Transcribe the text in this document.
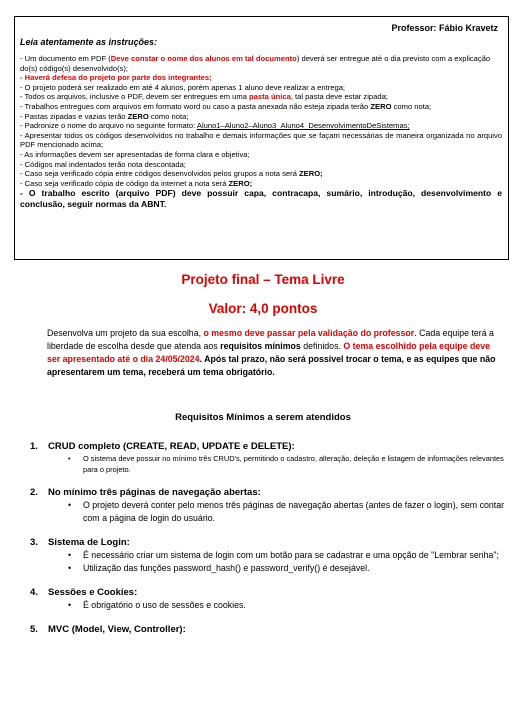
Professor: Fábio Kravetz
Leia atentamente as instruções:

- Um documento em PDF (Deve constar o nome dos alunos em tal documento) deverá ser entregue até o dia previsto com a explicação do(s) código(s) desenvolvido(s);

- Haverá defesa do projeto por parte dos integrantes;

- O projeto poderá ser realizado em até 4 alunos, porém apenas 1 aluno deve realizar a entrega;

- Todos os arquivos, inclusive o PDF, devem ser entregues em uma pasta única, tal pasta deve estar zipada;

- Trabalhos entregues com arquivos em formato word ou caso a pasta anexada não esteja zipada terão ZERO como nota;

- Pastas zipadas e vazias terão ZERO como nota;

- Padronize o nome do arquivo no seguinte formato: Aluno1–Aluno2–Aluno3_Aluno4_DesenvolvimentoDeSistemas;

- Apresentar todos os códigos desenvolvidos no trabalho e demais informações que se façam necessárias de maneira organizada no arquivo PDF mencionado acima;

- As informações devem ser apresentadas de forma clara e objetiva;

- Códigos mal indentados terão nota descontada;

- Caso seja verificado cópia entre códigos desenvolvidos pelos grupos a nota será ZERO;

- Caso seja verificado cópia de código da internet a nota será ZERO;

- O trabalho escrito (arquivo PDF) deve possuir capa, contracapa, sumário, introdução, desenvolvimento e conclusão, seguir normas da ABNT.

Projeto final – Tema Livre
Valor: 4,0 pontos
Desenvolva um projeto da sua escolha, o mesmo deve passar pela validação do professor. Cada equipe terá a liberdade de escolha desde que atenda aos requisitos mínimos definidos. O tema escolhido pela equipe deve ser apresentado até o dia 24/05/2024. Após tal prazo, não será possível trocar o tema, e as equipes que não apresentarem um tema, receberá um tema obrigatório.
Requisitos Mínimos a serem atendidos
1.	CRUD completo (CREATE, READ, UPDATE e DELETE):
• O sistema deve possuir no mínimo três CRUD's, permitindo o cadastro, alteração, deleção e listagem de informações relevantes para o projeto.
2.	No mínimo três páginas de navegação abertas:
• O projeto deverá conter pelo menos três páginas de navegação abertas (antes de fazer o login), sem contar com a página de login do usuário.
3.	Sistema de Login:
• É necessário criar um sistema de login com um botão para se cadastrar e uma opção de "Lembrar senha";
• Utilização das funções password_hash() e password_verify() é desejável.
4.	Sessões e Cookies:
• É obrigatório o uso de sessões e cookies.
5.	MVC (Model, View, Controller):
